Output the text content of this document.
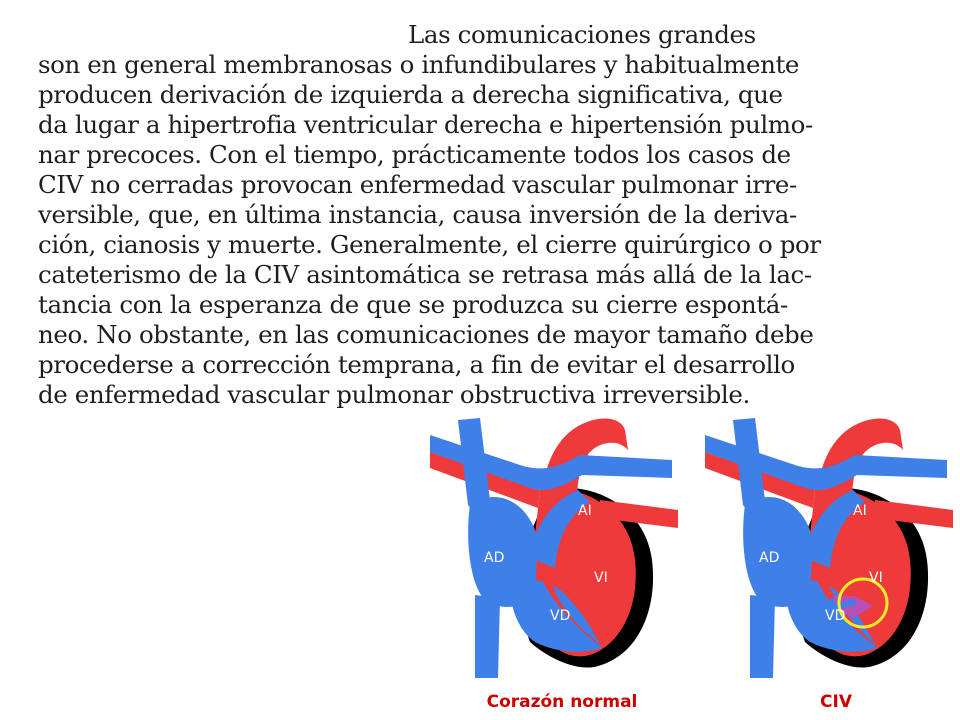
Las comunicaciones grandes
son en general membranosas o infundibulares y habitualmente
producen derivación de izquierda a derecha significativa, que
da lugar a hipertrofia ventricular derecha e hipertensión pulmo-
nar precoces. Con el tiempo, prácticamente todos los casos de
CIV no cerradas provocan enfermedad vascular pulmonar irre-
versible, que, en última instancia, causa inversión de la deriva-
ción, cianosis y muerte. Generalmente, el cierre quirúrgico o por
cateterismo de la CIV asintomática se retrasa más allá de la lac-
tancia con la esperanza de que se produzca su cierre espontá-
neo. No obstante, en las comunicaciones de mayor tamaño debe
procederse a corrección temprana, a fin de evitar el desarrollo
de enfermedad vascular pulmonar obstructiva irreversible.
AI
AD
VI
VD
AI
AD
VI
VD
Corazón normal	CIV
